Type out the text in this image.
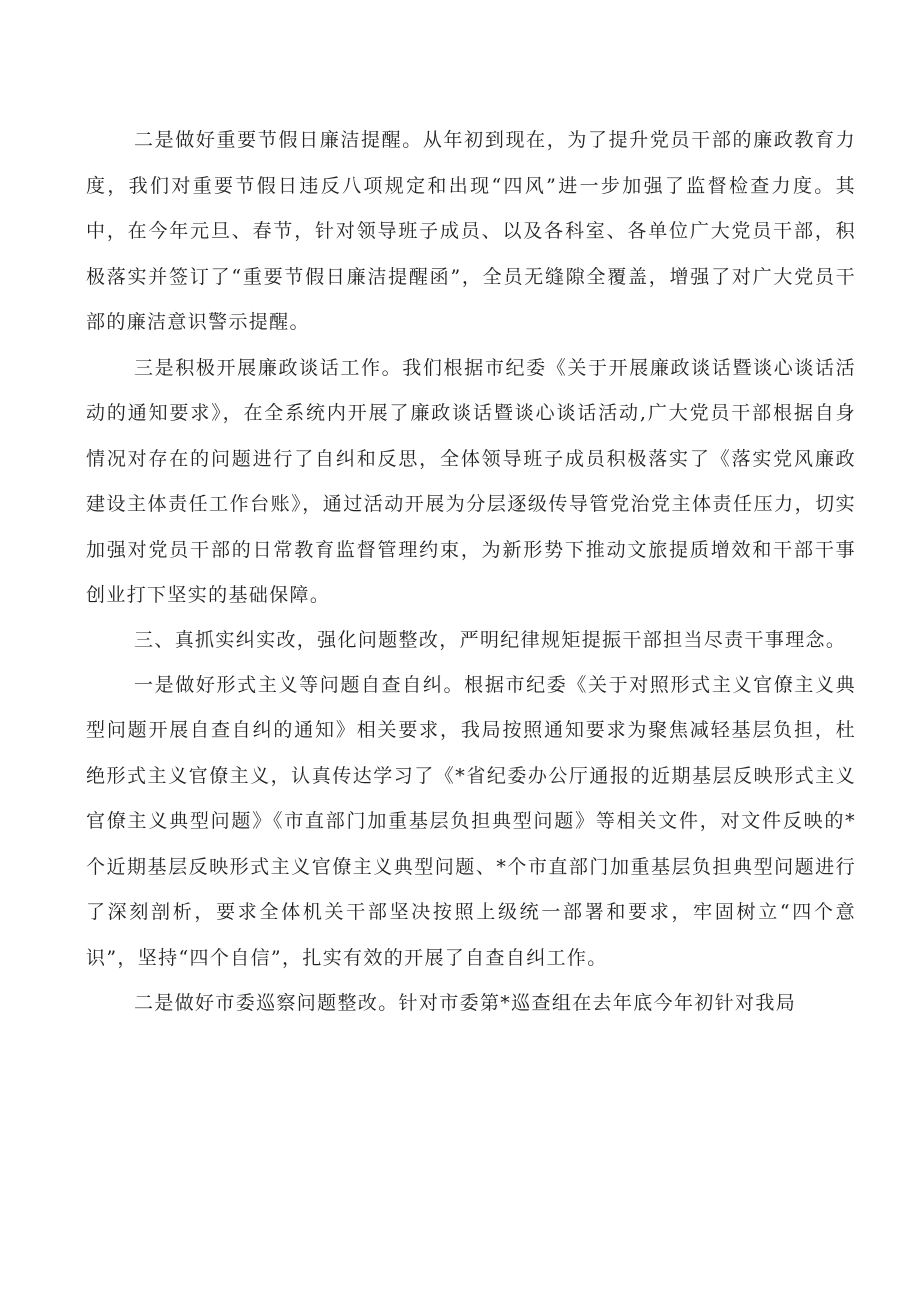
二是做好重要节假日廉洁提醒。从年初到现在，为了提升党员干部的廉政教育力度，我们对重要节假日违反八项规定和出现“四风”进一步加强了监督检查力度。其中，在今年元旦、春节，针对领导班子成员、以及各科室、各单位广大党员干部，积极落实并签订了“重要节假日廉洁提醒函”，全员无缝隙全覆盖，增强了对广大党员干部的廉洁意识警示提醒。

三是积极开展廉政谈话工作。我们根据市纪委《关于开展廉政谈话暨谈心谈话活动的通知要求》，在全系统内开展了廉政谈话暨谈心谈话活动,广大党员干部根据自身情况对存在的问题进行了自纠和反思，全体领导班子成员积极落实了《落实党风廉政建设主体责任工作台账》，通过活动开展为分层逐级传导管党治党主体责任压力，切实加强对党员干部的日常教育监督管理约束，为新形势下推动文旅提质增效和干部干事创业打下坚实的基础保障。

三、真抓实纠实改，强化问题整改，严明纪律规矩提振干部担当尽责干事理念。

一是做好形式主义等问题自查自纠。根据市纪委《关于对照形式主义官僚主义典型问题开展自查自纠的通知》相关要求，我局按照通知要求为聚焦减轻基层负担，杜绝形式主义官僚主义，认真传达学习了《*省纪委办公厅通报的近期基层反映形式主义官僚主义典型问题》《市直部门加重基层负担典型问题》等相关文件，对文件反映的*个近期基层反映形式主义官僚主义典型问题、*个市直部门加重基层负担典型问题进行了深刻剖析，要求全体机关干部坚决按照上级统一部署和要求，牢固树立“四个意识”，坚持“四个自信”，扎实有效的开展了自查自纠工作。

二是做好市委巡察问题整改。针对市委第*巡查组在去年底今年初针对我局
